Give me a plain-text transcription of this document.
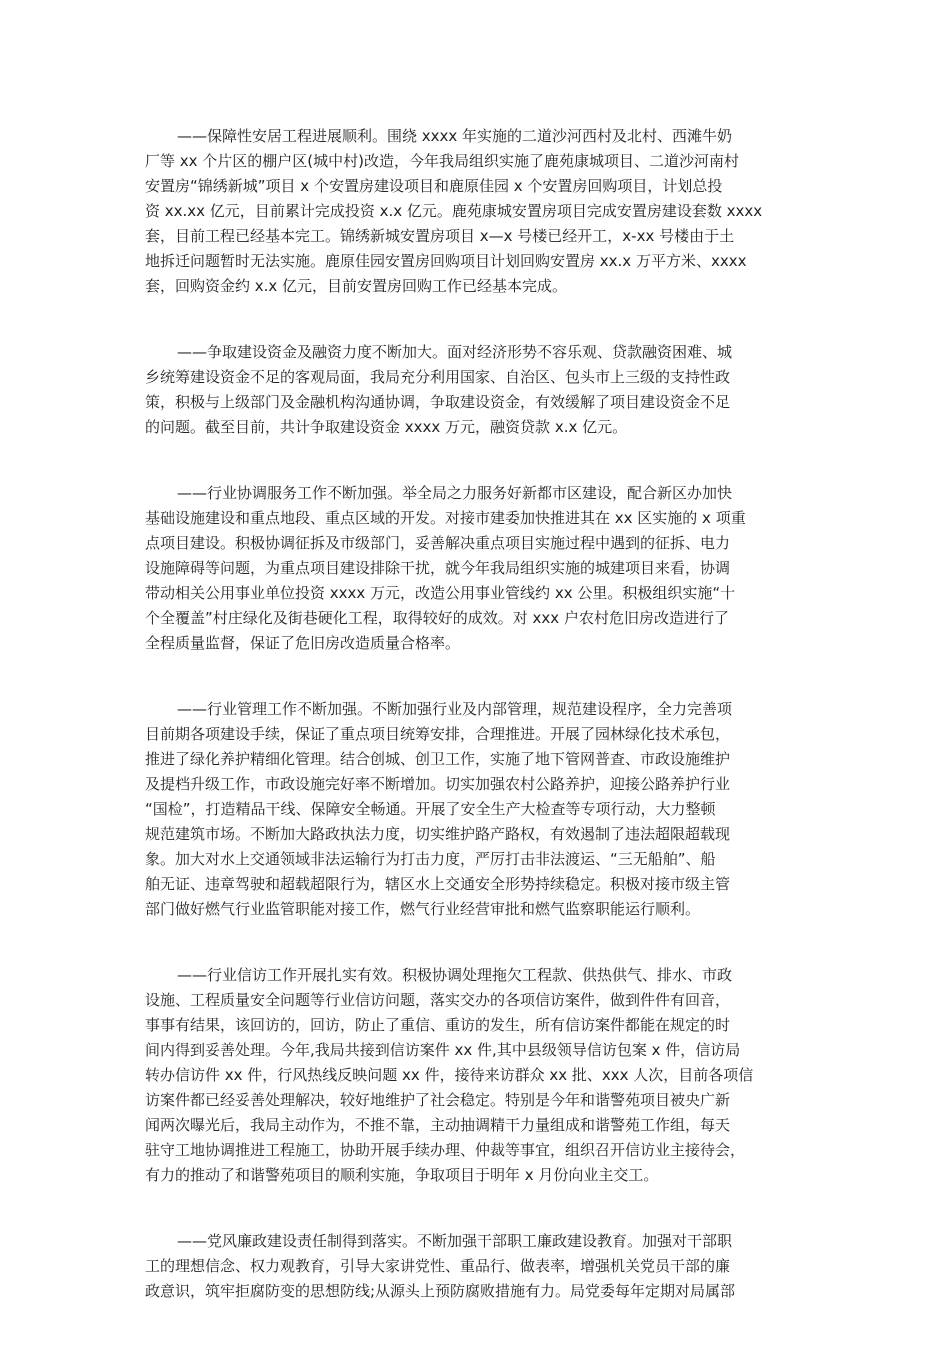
——保障性安居工程进展顺利。围绕 xxxx 年实施的二道沙河西村及北村、西滩牛奶
厂等 xx 个片区的棚户区(城中村)改造，今年我局组织实施了鹿苑康城项目、二道沙河南村
安置房“锦绣新城”项目 x 个安置房建设项目和鹿原佳园 x 个安置房回购项目，计划总投
资 xx.xx 亿元，目前累计完成投资 x.x 亿元。鹿苑康城安置房项目完成安置房建设套数 xxxx
套，目前工程已经基本完工。锦绣新城安置房项目 x—x 号楼已经开工，x-xx 号楼由于土
地拆迁问题暂时无法实施。鹿原佳园安置房回购项目计划回购安置房 xx.x 万平方米、xxxx
套，回购资金约 x.x 亿元，目前安置房回购工作已经基本完成。

——争取建设资金及融资力度不断加大。面对经济形势不容乐观、贷款融资困难、城
乡统筹建设资金不足的客观局面，我局充分利用国家、自治区、包头市上三级的支持性政
策，积极与上级部门及金融机构沟通协调，争取建设资金，有效缓解了项目建设资金不足
的问题。截至目前，共计争取建设资金 xxxx 万元，融资贷款 x.x 亿元。

——行业协调服务工作不断加强。举全局之力服务好新都市区建设，配合新区办加快
基础设施建设和重点地段、重点区域的开发。对接市建委加快推进其在 xx 区实施的 x 项重
点项目建设。积极协调征拆及市级部门，妥善解决重点项目实施过程中遇到的征拆、电力
设施障碍等问题，为重点项目建设排除干扰，就今年我局组织实施的城建项目来看，协调
带动相关公用事业单位投资 xxxx 万元，改造公用事业管线约 xx 公里。积极组织实施“十
个全覆盖”村庄绿化及街巷硬化工程，取得较好的成效。对 xxx 户农村危旧房改造进行了
全程质量监督，保证了危旧房改造质量合格率。

——行业管理工作不断加强。不断加强行业及内部管理，规范建设程序，全力完善项
目前期各项建设手续，保证了重点项目统筹安排，合理推进。开展了园林绿化技术承包，
推进了绿化养护精细化管理。结合创城、创卫工作，实施了地下管网普查、市政设施维护
及提档升级工作，市政设施完好率不断增加。切实加强农村公路养护，迎接公路养护行业
“国检”，打造精品干线、保障安全畅通。开展了安全生产大检查等专项行动，大力整顿
规范建筑市场。不断加大路政执法力度，切实维护路产路权，有效遏制了违法超限超载现
象。加大对水上交通领域非法运输行为打击力度，严厉打击非法渡运、“三无船舶”、船
舶无证、违章驾驶和超载超限行为，辖区水上交通安全形势持续稳定。积极对接市级主管
部门做好燃气行业监管职能对接工作，燃气行业经营审批和燃气监察职能运行顺利。

——行业信访工作开展扎实有效。积极协调处理拖欠工程款、供热供气、排水、市政
设施、工程质量安全问题等行业信访问题，落实交办的各项信访案件，做到件件有回音，
事事有结果，该回访的，回访，防止了重信、重访的发生，所有信访案件都能在规定的时
间内得到妥善处理。今年,我局共接到信访案件 xx 件,其中县级领导信访包案 x 件，信访局
转办信访件 xx 件，行风热线反映问题 xx 件，接待来访群众 xx 批、xxx 人次，目前各项信
访案件都已经妥善处理解决，较好地维护了社会稳定。特别是今年和谐警苑项目被央广新
闻两次曝光后，我局主动作为，不推不靠，主动抽调精干力量组成和谐警苑工作组，每天
驻守工地协调推进工程施工，协助开展手续办理、仲裁等事宜，组织召开信访业主接待会，
有力的推动了和谐警苑项目的顺利实施，争取项目于明年 x 月份向业主交工。

——党风廉政建设责任制得到落实。不断加强干部职工廉政建设教育。加强对干部职
工的理想信念、权力观教育，引导大家讲党性、重品行、做表率，增强机关党员干部的廉
政意识，筑牢拒腐防变的思想防线;从源头上预防腐败措施有力。局党委每年定期对局属部
